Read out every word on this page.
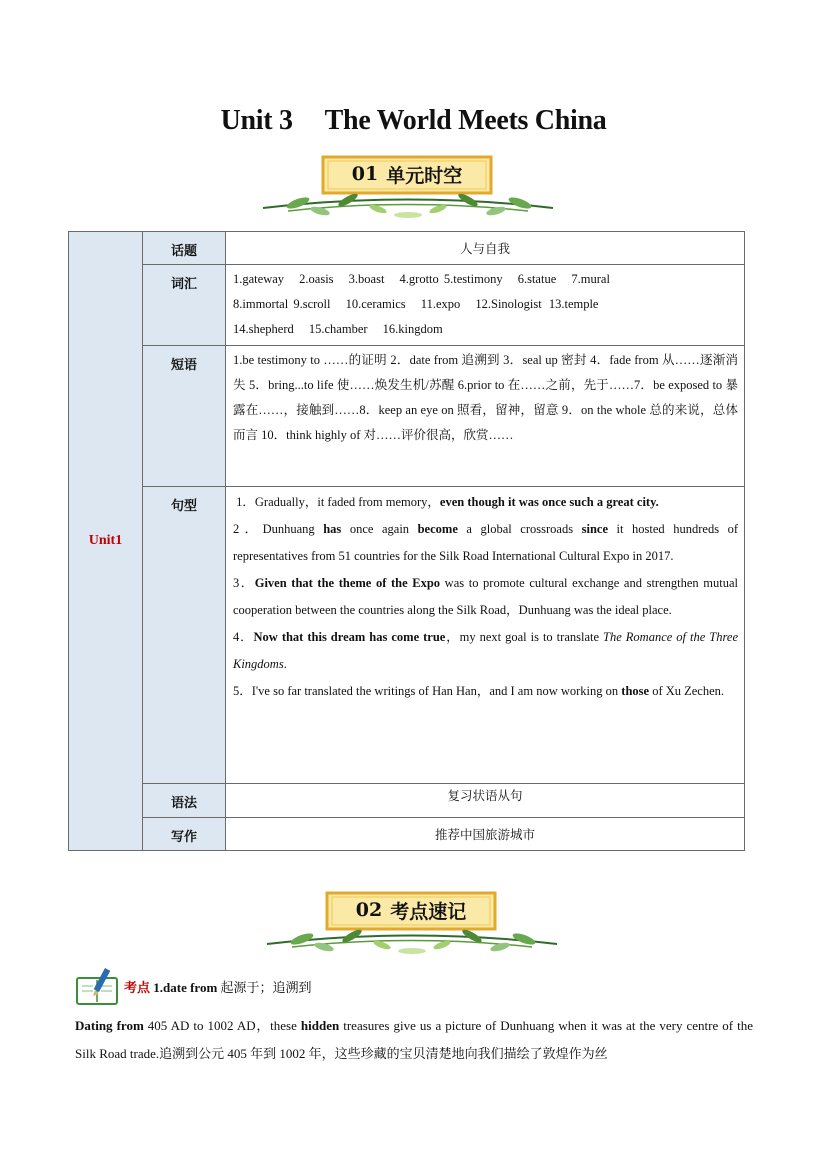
Unit 3 The World Meets China
01 单元时空
Unit1	话题	人与自我
	词汇	1.gateway 2.oasis 3.boast 4.grotto 5.testimony 6.statue 7.mural
8.immortal 9.scroll 10.ceramics 11.expo 12.Sinologist 13.temple
14.shepherd 15.chamber 16.kingdom
	短语	1.be testimony to ……的证明 2．date from 追溯到 3．seal up 密封 4．fade from 从……逐渐消失 5．bring...to life 使……焕发生机/苏醒 6.prior to 在……之前，先于……7．be exposed to 暴露在……，接触到……8．keep an eye on 照看，留神，留意 9．on the whole 总的来说，总体而言 10．think highly of 对……评价很高，欣赏……
	句型	1．Gradually，it faded from memory，even though it was once such a great city.

2．Dunhuang has once again become a global crossroads since it hosted hundreds of representatives from 51 countries for the Silk Road International Cultural Expo in 2017.

3．Given that the theme of the Expo was to promote cultural exchange and strengthen mutual cooperation between the countries along the Silk Road，Dunhuang was the ideal place.

4．Now that this dream has come true，my next goal is to translate The Romance of the Three Kingdoms.

5．I've so far translated the writings of Han Han，and I am now working on those of Xu Zechen.

	语法	复习状语从句
	写作	推荐中国旅游城市
02 考点速记
考点 1.date from 起源于；追溯到
Dating from 405 AD to 1002 AD，these hidden treasures give us a picture of Dunhuang when it was at the very centre of the Silk Road trade.追溯到公元 405 年到 1002 年，这些珍藏的宝贝清楚地向我们描绘了敦煌作为丝
